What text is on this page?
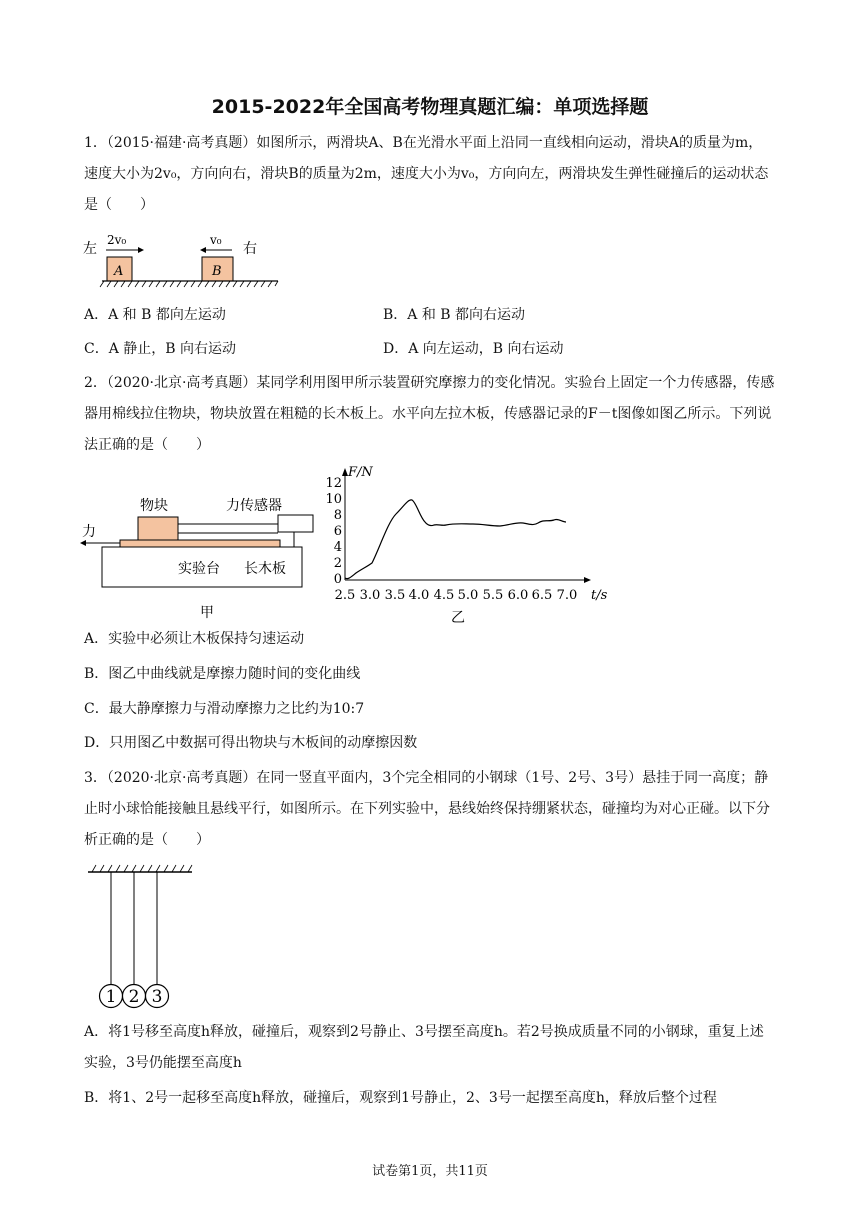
2015-2022年全国高考物理真题汇编：单项选择题

1．（2015·福建·高考真题）如图所示，两滑块A、B在光滑水平面上沿同一直线相向运动，滑块A的质量为m，速度大小为2v₀，方向向右，滑块B的质量为2m，速度大小为v₀，方向向左，两滑块发生弹性碰撞后的运动状态是（　　）

左
2v₀
A
v₀
B
右
A．A 和 B 都向左运动	B．A 和 B 都向右运动
C．A 静止，B 向右运动	D．A 向左运动，B 向右运动

2．（2020·北京·高考真题）某同学利用图甲所示装置研究摩擦力的变化情况。实验台上固定一个力传感器，传感器用棉线拉住物块，物块放置在粗糙的长木板上。水平向左拉木板，传感器记录的F－t图像如图乙所示。下列说法正确的是（　　）

物块	力传感器
力
实验台 长木板
甲
F/N
12
10
8
6
4
2
0
2.5 3.0 3.5 4.0 4.5 5.0 5.5 6.0 6.5 7.0 t/s
乙
A．实验中必须让木板保持匀速运动
B．图乙中曲线就是摩擦力随时间的变化曲线
C．最大静摩擦力与滑动摩擦力之比约为10:7
D．只用图乙中数据可得出物块与木板间的动摩擦因数

3．（2020·北京·高考真题）在同一竖直平面内，3个完全相同的小钢球（1号、2号、3号）悬挂于同一高度；静止时小球恰能接触且悬线平行，如图所示。在下列实验中，悬线始终保持绷紧状态，碰撞均为对心正碰。以下分析正确的是（　　）

1 2 3

A．将1号移至高度h释放，碰撞后，观察到2号静止、3号摆至高度h。若2号换成质量不同的小钢球，重复上述实验，3号仍能摆至高度h

B．将1、2号一起移至高度h释放，碰撞后，观察到1号静止，2、3号一起摆至高度h，释放后整个过程

试卷第1页，共11页
